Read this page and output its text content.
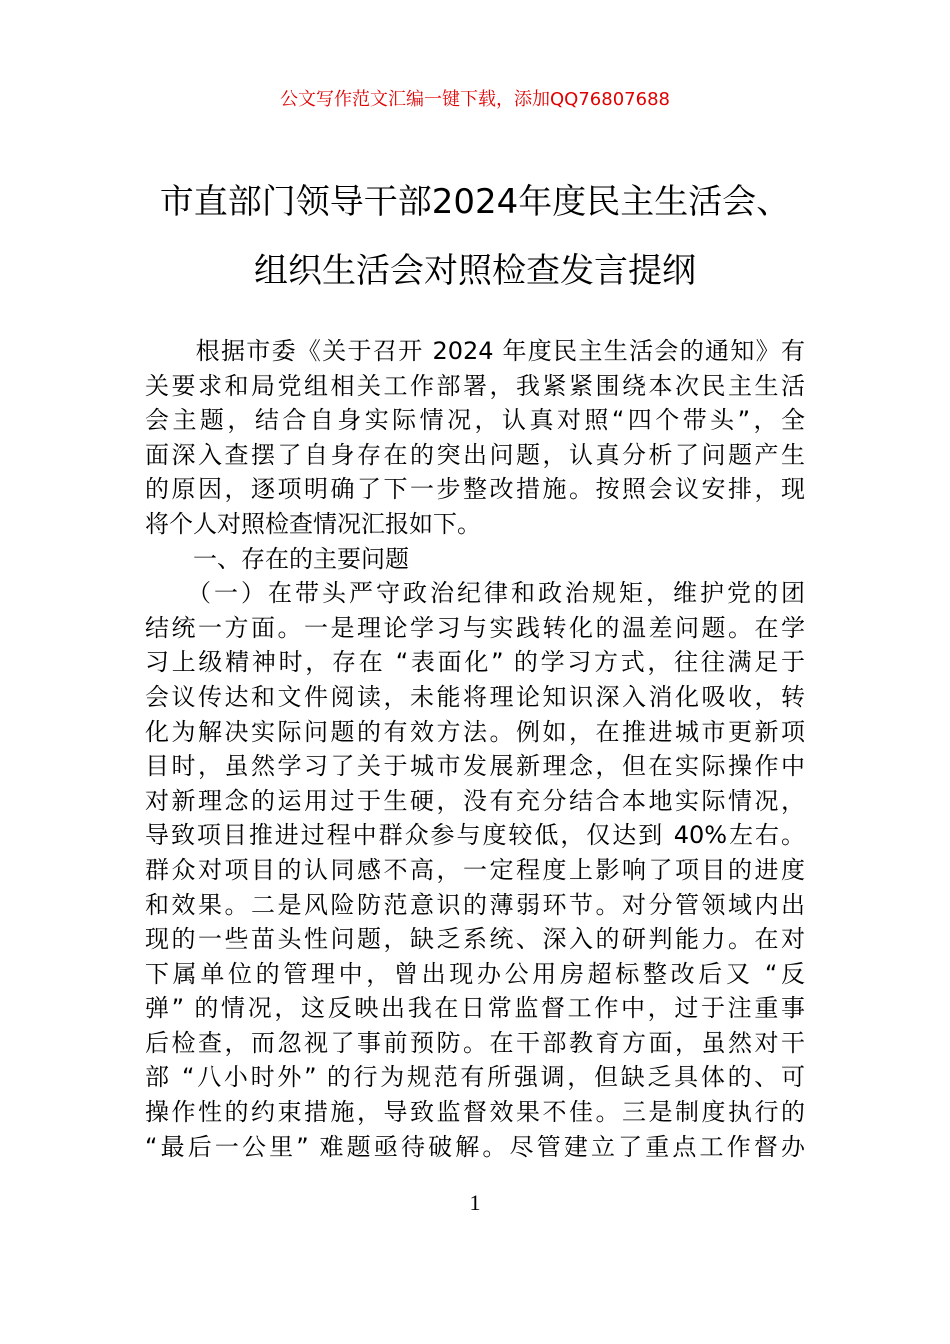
公文写作范文汇编一键下载，添加QQ76807688
市直部门领导干部2024年度民主生活会、
组织生活会对照检查发言提纲
　　根据市委《关于召开 2024 年度民主生活会的通知》有
关要求和局党组相关工作部署，我紧紧围绕本次民主生活
会主题，结合自身实际情况，认真对照“四个带头”，全
面深入查摆了自身存在的突出问题，认真分析了问题产生
的原因，逐项明确了下一步整改措施。按照会议安排，现
将个人对照检查情况汇报如下。
　　一、存在的主要问题
　　（一）在带头严守政治纪律和政治规矩，维护党的团
结统一方面。一是理论学习与实践转化的温差问题。在学
习上级精神时，存在 “表面化” 的学习方式，往往满足于
会议传达和文件阅读，未能将理论知识深入消化吸收，转
化为解决实际问题的有效方法。例如，在推进城市更新项
目时，虽然学习了关于城市发展新理念，但在实际操作中
对新理念的运用过于生硬，没有充分结合本地实际情况，
导致项目推进过程中群众参与度较低，仅达到 40%左右。
群众对项目的认同感不高，一定程度上影响了项目的进度
和效果。二是风险防范意识的薄弱环节。对分管领域内出
现的一些苗头性问题，缺乏系统、深入的研判能力。在对
下属单位的管理中，曾出现办公用房超标整改后又 “反
弹” 的情况，这反映出我在日常监督工作中，过于注重事
后检查，而忽视了事前预防。在干部教育方面，虽然对干
部 “八小时外” 的行为规范有所强调，但缺乏具体的、可
操作性的约束措施，导致监督效果不佳。三是制度执行的
“最后一公里” 难题亟待破解。尽管建立了重点工作督办
1
